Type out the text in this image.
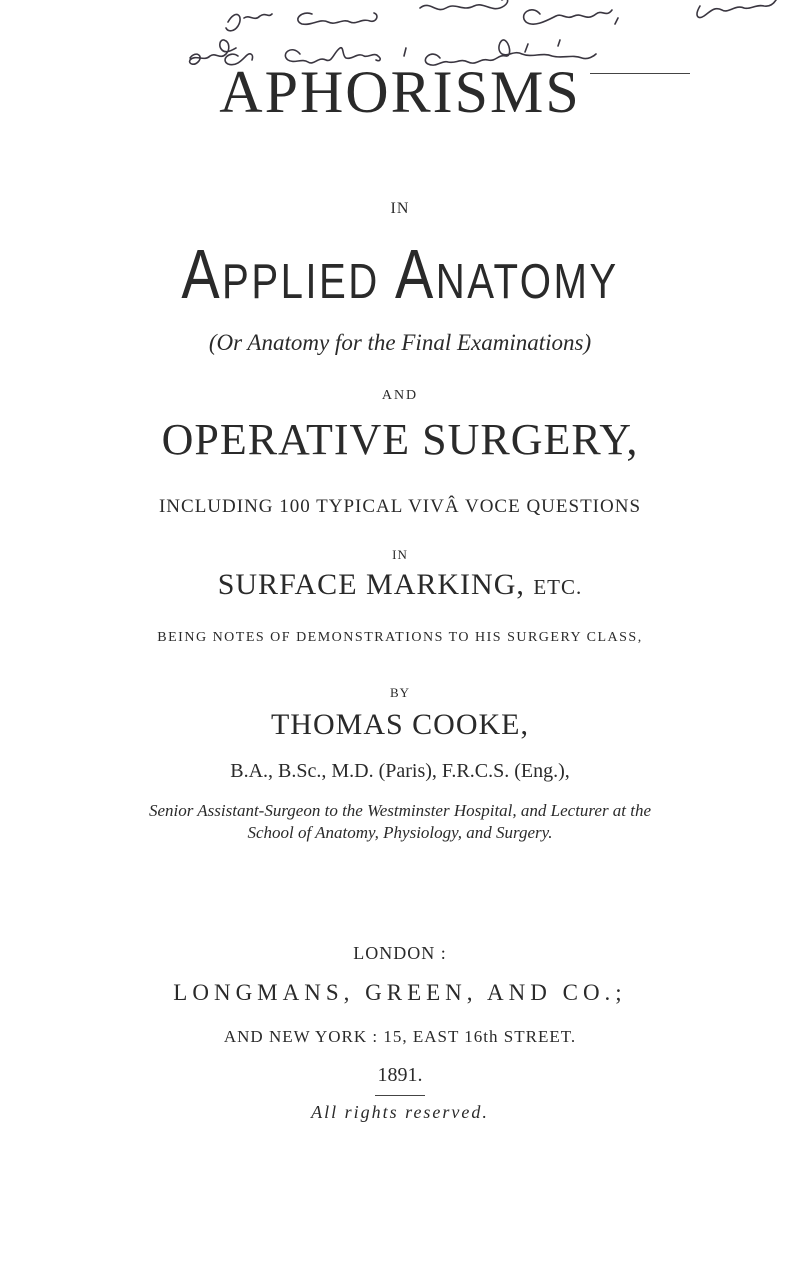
APHORISMS
IN
Applied Anatomy
(Or Anatomy for the Final Examinations)
AND
OPERATIVE SURGERY,
INCLUDING 100 TYPICAL VIVÂ VOCE QUESTIONS
IN
SURFACE MARKING, ETC.
BEING NOTES OF DEMONSTRATIONS TO HIS SURGERY CLASS,
BY
THOMAS COOKE,
B.A., B.Sc., M.D. (Paris), F.R.C.S. (Eng.),
Senior Assistant-Surgeon to the Westminster Hospital, and Lecturer at the
School of Anatomy, Physiology, and Surgery.
LONDON :
LONGMANS, GREEN, AND CO.;
AND NEW YORK : 15, EAST 16th STREET.
1891.
All rights reserved.
